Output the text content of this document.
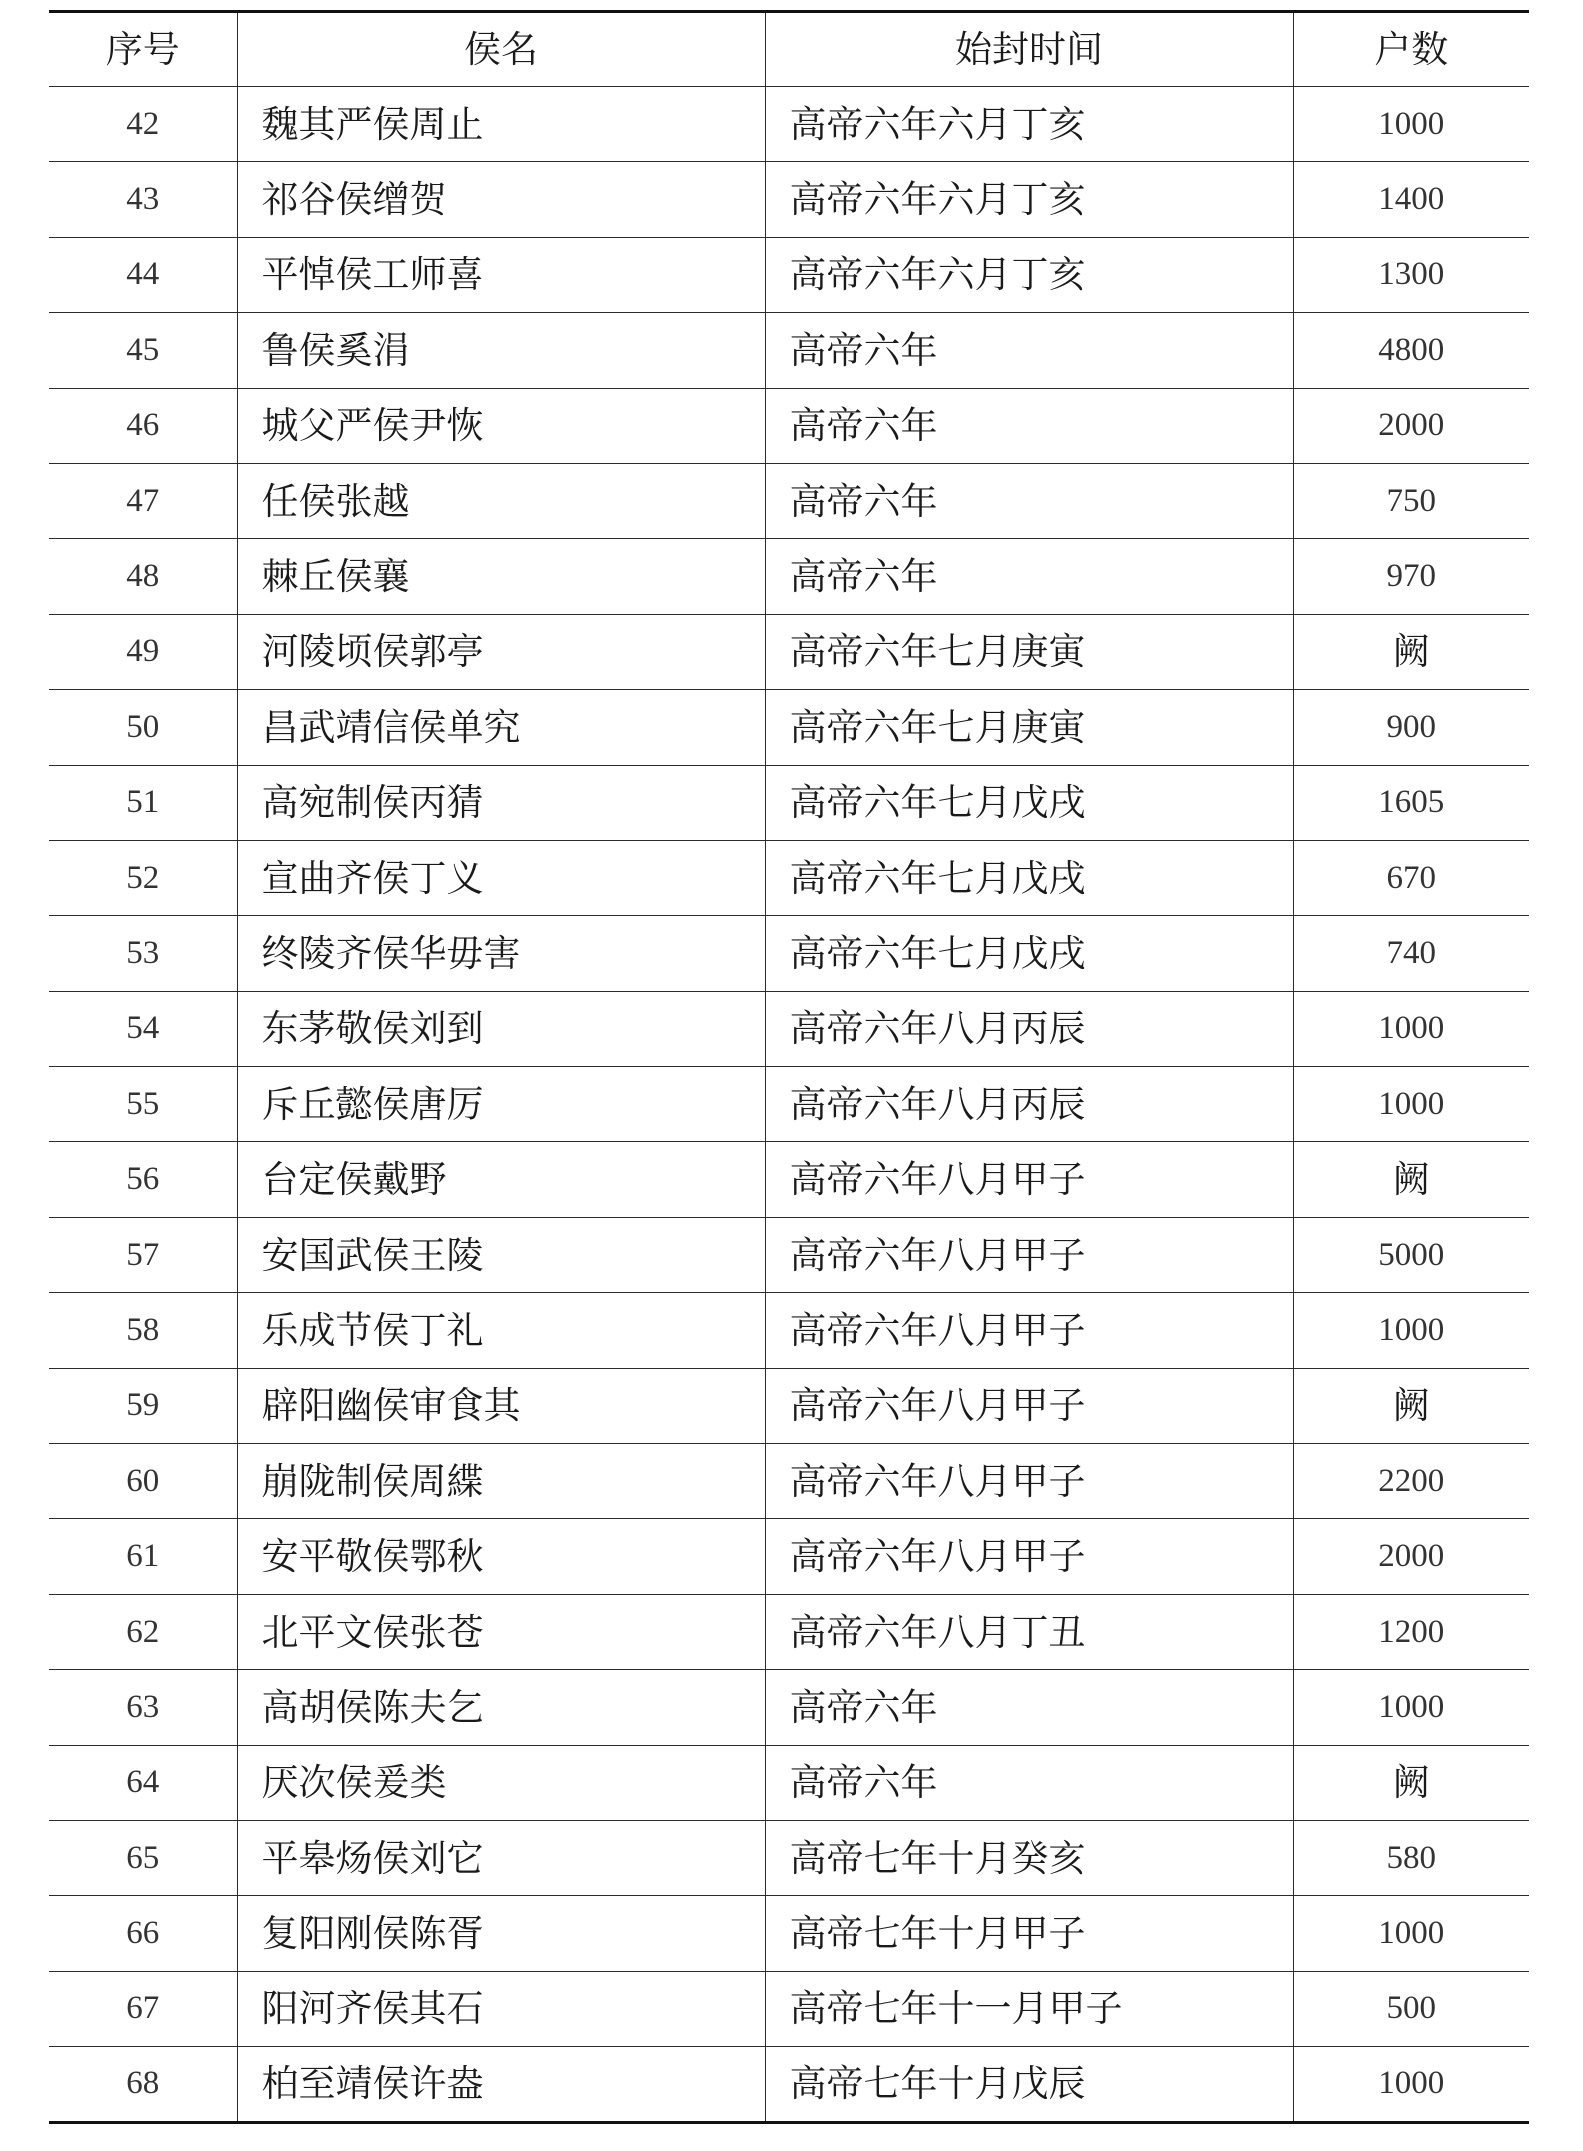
序号	侯名	始封时间	户数
42	魏其严侯周止	高帝六年六月丁亥	1000
43	祁谷侯缯贺	高帝六年六月丁亥	1400
44	平悼侯工师喜	高帝六年六月丁亥	1300
45	鲁侯奚涓	高帝六年	4800
46	城父严侯尹恢	高帝六年	2000
47	任侯张越	高帝六年	750
48	棘丘侯襄	高帝六年	970
49	河陵顷侯郭亭	高帝六年七月庚寅	阙
50	昌武靖信侯单究	高帝六年七月庚寅	900
51	高宛制侯丙猜	高帝六年七月戊戌	1605
52	宣曲齐侯丁义	高帝六年七月戊戌	670
53	终陵齐侯华毋害	高帝六年七月戊戌	740
54	东茅敬侯刘到	高帝六年八月丙辰	1000
55	斥丘懿侯唐厉	高帝六年八月丙辰	1000
56	台定侯戴野	高帝六年八月甲子	阙
57	安国武侯王陵	高帝六年八月甲子	5000
58	乐成节侯丁礼	高帝六年八月甲子	1000
59	辟阳幽侯审食其	高帝六年八月甲子	阙
60	崩陇制侯周緤	高帝六年八月甲子	2200
61	安平敬侯鄂秋	高帝六年八月甲子	2000
62	北平文侯张苍	高帝六年八月丁丑	1200
63	高胡侯陈夫乞	高帝六年	1000
64	厌次侯爰类	高帝六年	阙
65	平皋炀侯刘它	高帝七年十月癸亥	580
66	复阳刚侯陈胥	高帝七年十月甲子	1000
67	阳河齐侯其石	高帝七年十一月甲子	500
68	柏至靖侯许盎	高帝七年十月戊辰	1000
